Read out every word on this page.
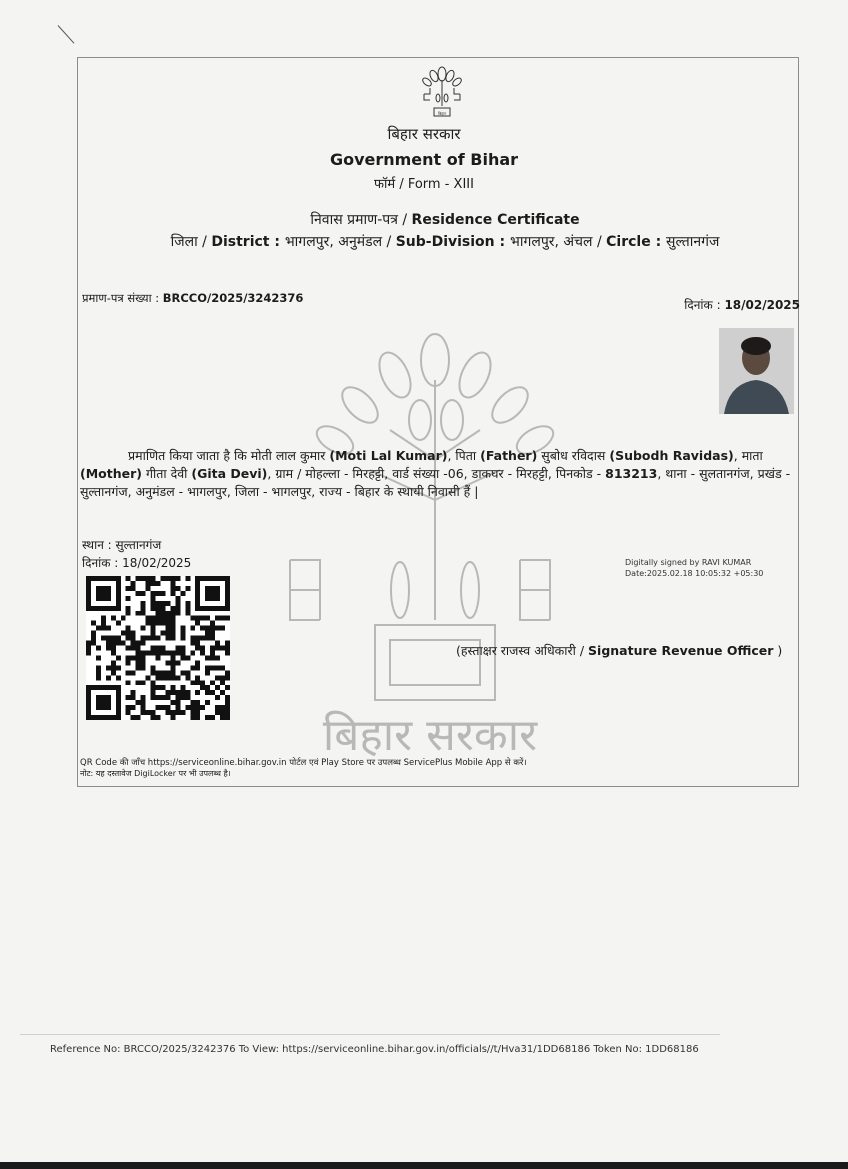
बिहार
बिहार सरकार
Government of Bihar
फॉर्म / Form - XIII
निवास प्रमाण-पत्र / Residence Certificate
जिला / District : भागलपुर, अनुमंडल / Sub-Division : भागलपुर, अंचल / Circle : सुल्तानगंज
प्रमाण-पत्र संख्या : BRCCO/2025/3242376	दिनांक : 18/02/2025
बिहार सरकार
प्रमाणित किया जाता है कि मोती लाल कुमार (Moti Lal Kumar), पिता (Father) सुबोध रविदास (Subodh Ravidas), माता (Mother) गीता देवी (Gita Devi), ग्राम / मोहल्ला - मिरहट्टी, वार्ड संख्या -06, डाकघर - मिरहट्टी, पिनकोड - 813213, थाना - सुलतानगंज, प्रखंड - सुल्तानगंज, अनुमंडल - भागलपुर, जिला - भागलपुर, राज्य - बिहार के स्थायी निवासी हैं |
स्थान : सुल्तानगंज
दिनांक : 18/02/2025	Digitally signed by RAVI KUMAR
Date:2025.02.18 10:05:32 +05:30
(हस्ताक्षर राजस्व अधिकारी / Signature Revenue Officer )
QR Code की जाँच https://serviceonline.bihar.gov.in पोर्टल एवं Play Store पर उपलब्ध ServicePlus Mobile App से करें।
नोट: यह दस्तावेज DigiLocker पर भी उपलब्ध है।
Reference No: BRCCO/2025/3242376 To View: https://serviceonline.bihar.gov.in/officials//t/Hva31/1DD68186 Token No: 1DD68186
